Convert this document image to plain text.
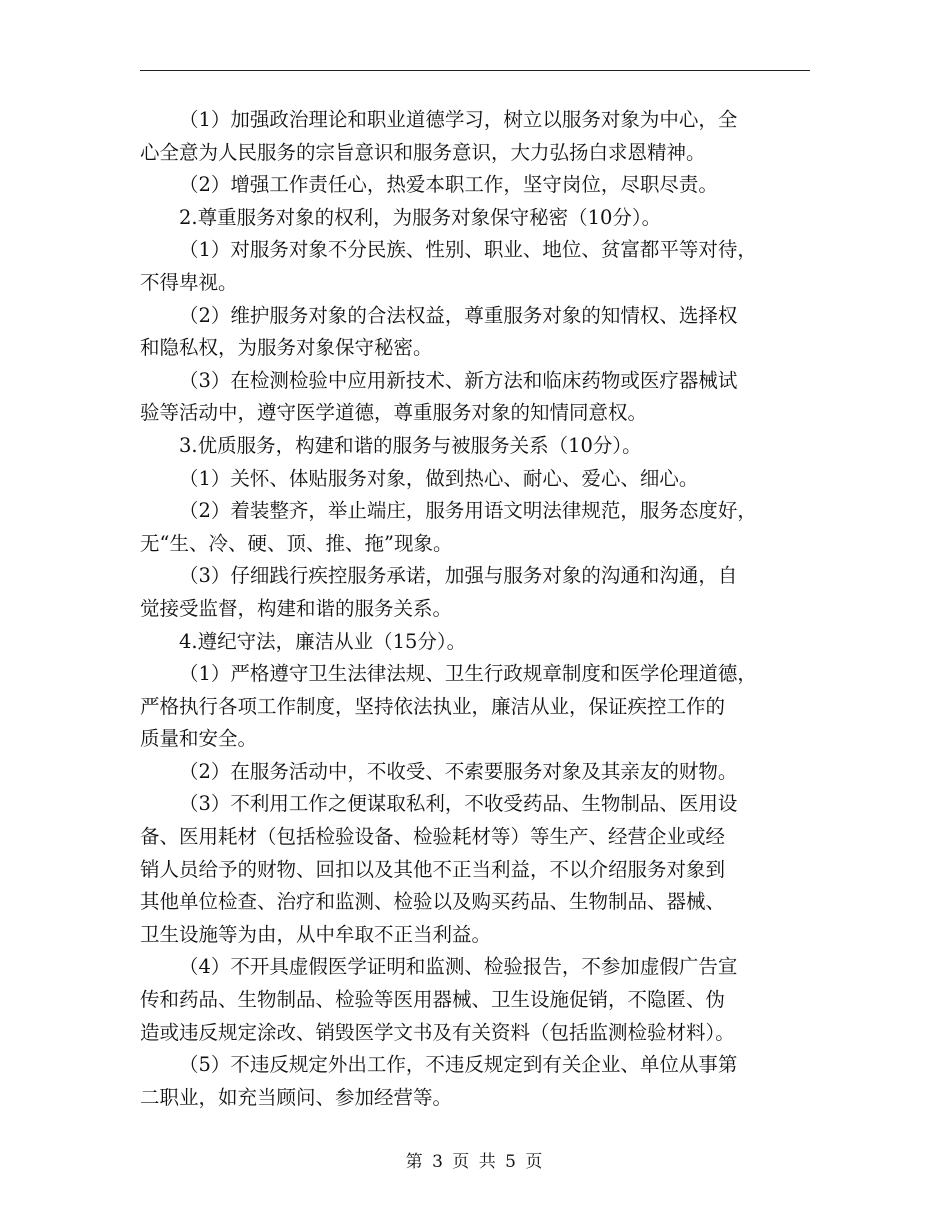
（1）加强政治理论和职业道德学习，树立以服务对象为中心，全
心全意为人民服务的宗旨意识和服务意识，大力弘扬白求恩精神。

（2）增强工作责任心，热爱本职工作，坚守岗位，尽职尽责。

2.尊重服务对象的权利，为服务对象保守秘密（10分）。

（1）对服务对象不分民族、性别、职业、地位、贫富都平等对待，
不得卑视。

（2）维护服务对象的合法权益，尊重服务对象的知情权、选择权
和隐私权，为服务对象保守秘密。

（3）在检测检验中应用新技术、新方法和临床药物或医疗器械试
验等活动中，遵守医学道德，尊重服务对象的知情同意权。

3.优质服务，构建和谐的服务与被服务关系（10分）。

（1）关怀、体贴服务对象，做到热心、耐心、爱心、细心。

（2）着装整齐，举止端庄，服务用语文明法律规范，服务态度好，
无“生、冷、硬、顶、推、拖”现象。

（3）仔细践行疾控服务承诺，加强与服务对象的沟通和沟通，自
觉接受监督，构建和谐的服务关系。

4.遵纪守法，廉洁从业（15分）。

（1）严格遵守卫生法律法规、卫生行政规章制度和医学伦理道德，
严格执行各项工作制度，坚持依法执业，廉洁从业，保证疾控工作的
质量和安全。

（2）在服务活动中，不收受、不索要服务对象及其亲友的财物。

（3）不利用工作之便谋取私利，不收受药品、生物制品、医用设
备、医用耗材（包括检验设备、检验耗材等）等生产、经营企业或经
销人员给予的财物、回扣以及其他不正当利益，不以介绍服务对象到
其他单位检查、治疗和监测、检验以及购买药品、生物制品、器械、
卫生设施等为由，从中牟取不正当利益。

（4）不开具虚假医学证明和监测、检验报告，不参加虚假广告宣
传和药品、生物制品、检验等医用器械、卫生设施促销，不隐匿、伪
造或违反规定涂改、销毁医学文书及有关资料（包括监测检验材料）。

（5）不违反规定外出工作，不违反规定到有关企业、单位从事第
二职业，如充当顾问、参加经营等。

第 3 页 共 5 页
